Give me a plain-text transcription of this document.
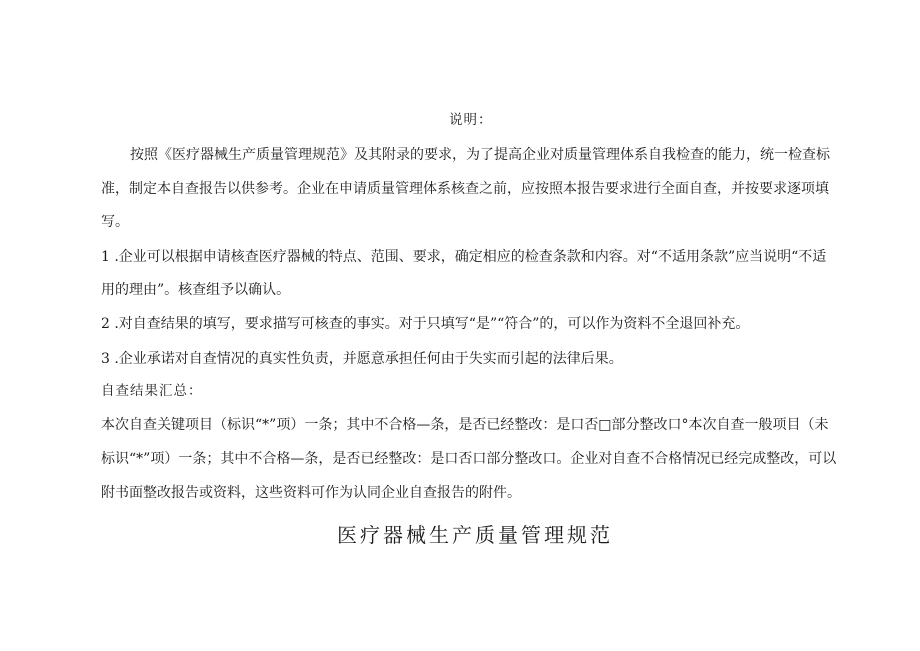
说明：
按照《医疗器械生产质量管理规范》及其附录的要求，为了提高企业对质量管理体系自我检查的能力，统一检查标
准，制定本自查报告以供参考。企业在申请质量管理体系核查之前，应按照本报告要求进行全面自查，并按要求逐项填
写。
1 .企业可以根据申请核查医疗器械的特点、范围、要求，确定相应的检查条款和内容。对“不适用条款”应当说明“不适
用的理由”。核查组予以确认。
2 .对自查结果的填写，要求描写可核查的事实。对于只填写“是”“符合”的，可以作为资料不全退回补充。
3 .企业承诺对自查情况的真实性负责，并愿意承担任何由于失实而引起的法律后果。
自查结果汇总：
本次自查关键项目（标识“*”项）一条；其中不合格—条，是否已经整改：是口否□部分整改口°本次自查一般项目（未
标识“*”项）一条；其中不合格—条，是否已经整改：是口否口部分整改口。企业对自查不合格情况已经完成整改，可以
附书面整改报告或资料，这些资料可作为认同企业自查报告的附件。
医疗器械生产质量管理规范
